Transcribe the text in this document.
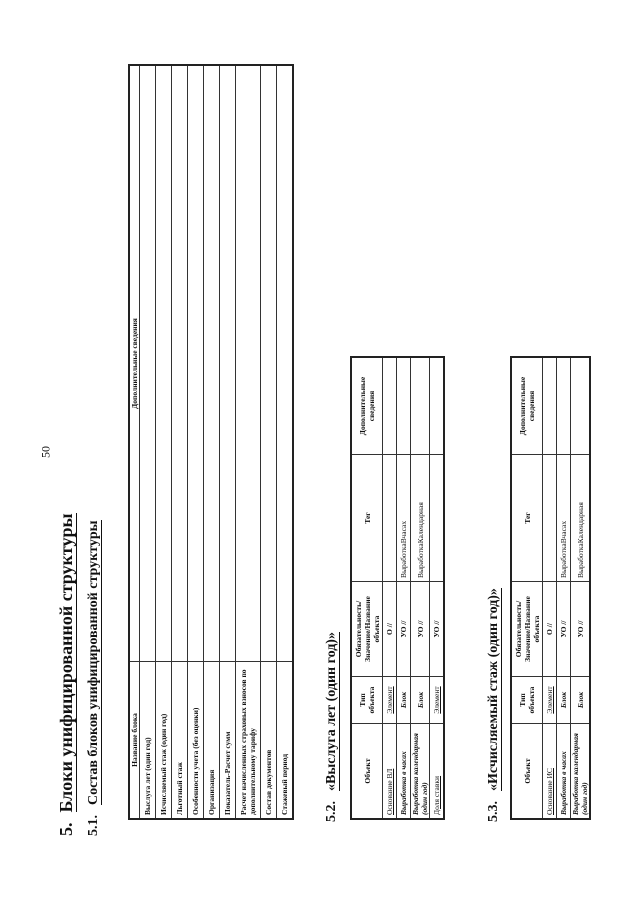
50
5.Блоки унифицированной структуры
5.1.Состав блоков унифицированной структуры	Название блока	Дополнительные сведения
Выслуга лет (один год)	
Исчисляемый стаж (один год)	
Льготный стаж	
Особенности учета (без оценки)	
Организация	
Показатель-Расчет сумм	
Расчет начисленных страховых взносов по дополнительному тарифу	
Состав документов	
Стажевый период		5.2.«Выслуга лет (один год)»	Объект	Тип объекта	Обязательность/Значение/Название объекта	Тег	Дополнительные сведения
Основание ВЛ	Элемент	О //		
Выработка в часах	Блок	УО //	ВыработкаВчасах	
Выработка календарная (один год)	Блок	УО //	ВыработкаКалендарная	
Доля ставки	Элемент	УО //		
5.3.«Исчисляемый стаж (один год)»	Объект	Тип объекта	Обязательность/Значение/Название объекта	Тег	Дополнительные сведения
Основание ИС	Элемент	О //		
Выработка в часах	Блок	УО //	ВыработкаВчасах	
Выработка календарная (один год)	Блок	УО //	ВыработкаКалендарная	
